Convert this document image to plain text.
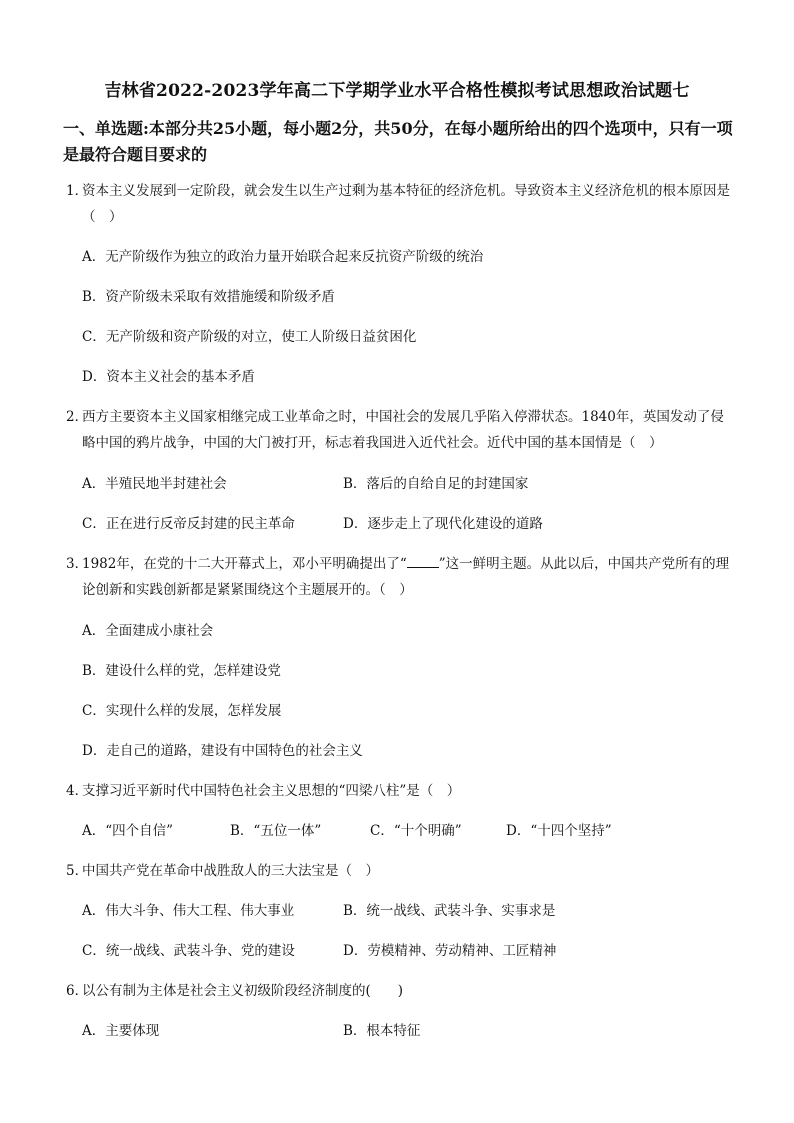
吉林省2022-2023学年高二下学期学业水平合格性模拟考试思想政治试题七
一、单选题:本部分共25小题，每小题2分，共50分，在每小题所给出的四个选项中，只有一项是最符合题目要求的
1．
资本主义发展到一定阶段，就会发生以生产过剩为基本特征的经济危机。导致资本主义经济危机的根本原因是（　）
A．无产阶级作为独立的政治力量开始联合起来反抗资产阶级的统治
B．资产阶级未采取有效措施缓和阶级矛盾
C．无产阶级和资产阶级的对立，使工人阶级日益贫困化
D．资本主义社会的基本矛盾
2．
西方主要资本主义国家相继完成工业革命之时，中国社会的发展几乎陷入停滞状态。1840年，英国发动了侵略中国的鸦片战争，中国的大门被打开，标志着我国进入近代社会。近代中国的基本国情是（　）
A．半殖民地半封建社会	B．落后的自给自足的封建国家
C．正在进行反帝反封建的民主革命	D．逐步走上了现代化建设的道路
3．
1982年，在党的十二大开幕式上，邓小平明确提出了“ ”这一鲜明主题。从此以后，中国共产党所有的理论创新和实践创新都是紧紧围绕这个主题展开的。（　）
A．全面建成小康社会
B．建设什么样的党，怎样建设党
C．实现什么样的发展，怎样发展
D．走自己的道路，建设有中国特色的社会主义
4．
支撑习近平新时代中国特色社会主义思想的“四梁八柱”是（　）
A．“四个自信”	B．“五位一体”	C．“十个明确”	D．“十四个坚持”
5．
中国共产党在革命中战胜敌人的三大法宝是（　）
A．伟大斗争、伟大工程、伟大事业	B．统一战线、武装斗争、实事求是
C．统一战线、武装斗争、党的建设	D．劳模精神、劳动精神、工匠精神
6．
以公有制为主体是社会主义初级阶段经济制度的(　　)
A．主要体现	B．根本特征
